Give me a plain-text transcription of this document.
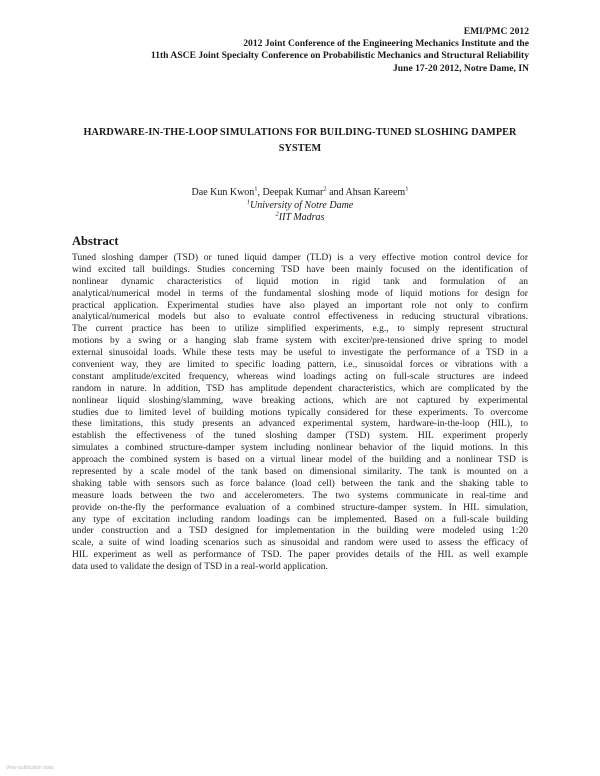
EMI/PMC 2012
2012 Joint Conference of the Engineering Mechanics Institute and the
11th ASCE Joint Specialty Conference on Probabilistic Mechanics and Structural Reliability
June 17-20 2012, Notre Dame, IN
HARDWARE-IN-THE-LOOP SIMULATIONS FOR BUILDING-TUNED SLOSHING DAMPER
SYSTEM
Dae Kun Kwon$^1$, Deepak Kumar$^2$ and Ahsan Kareem$^1$
$^1$University of Notre Dame
$^2$IIT Madras
Abstract
Tuned sloshing damper (TSD) or tuned liquid damper (TLD) is a very effective motion control device for
wind excited tall buildings. Studies concerning TSD have been mainly focused on the identification of
nonlinear dynamic characteristics of liquid motion in rigid tank and formulation of an
analytical/numerical model in terms of the fundamental sloshing mode of liquid motions for design for
practical application. Experimental studies have also played an important role not only to confirm
analytical/numerical models but also to evaluate control effectiveness in reducing structural vibrations.
The current practice has been to utilize simplified experiments, e.g., to simply represent structural
motions by a swing or a hanging slab frame system with exciter/pre-tensioned drive spring to model
external sinusoidal loads. While these tests may be useful to investigate the performance of a TSD in a
convenient way, they are limited to specific loading pattern, i.e., sinusoidal forces or vibrations with a
constant amplitude/excited frequency, whereas wind loadings acting on full-scale structures are indeed
random in nature. In addition, TSD has amplitude dependent characteristics, which are complicated by the
nonlinear liquid sloshing/slamming, wave breaking actions, which are not captured by experimental
studies due to limited level of building motions typically considered for these experiments. To overcome
these limitations, this study presents an advanced experimental system, hardware-in-the-loop (HIL), to
establish the effectiveness of the tuned sloshing damper (TSD) system. HIL experiment properly
simulates a combined structure-damper system including nonlinear behavior of the liquid motions. In this
approach the combined system is based on a virtual linear model of the building and a nonlinear TSD is
represented by a scale model of the tank based on dimensional similarity. The tank is mounted on a
shaking table with sensors such as force balance (load cell) between the tank and the shaking table to
measure loads between the two and accelerometers. The two systems communicate in real-time and
provide on-the-fly the performance evaluation of a combined structure-damper system. In HIL simulation,
any type of excitation including random loadings can be implemented. Based on a full-scale building
under construction and a TSD designed for implementation in the building were modeled using 1:20
scale, a suite of wind loading scenarios such as sinusoidal and random were used to assess the efficacy of
HIL experiment as well as performance of TSD. The paper provides details of the HIL as well example
data used to validate the design of TSD in a real-world application.
View publication stats
